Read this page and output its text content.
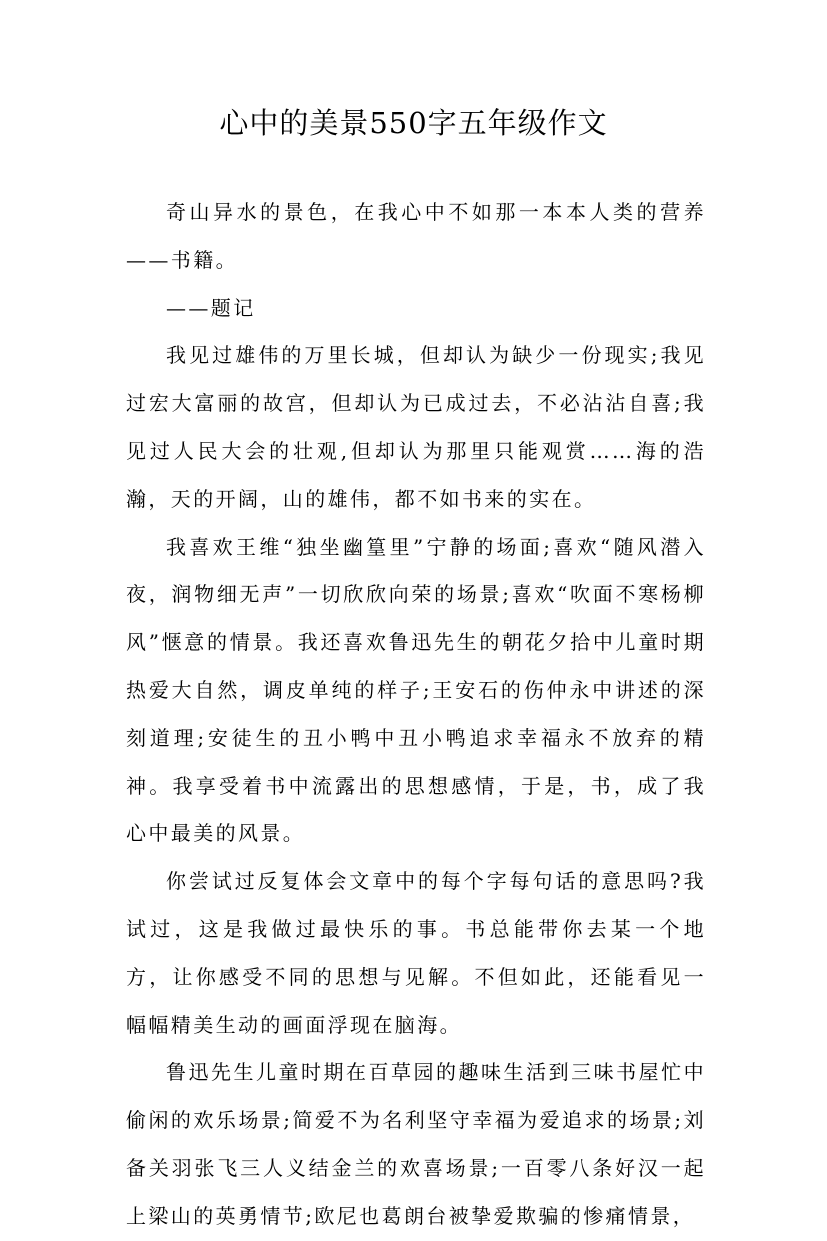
心中的美景550字五年级作文

奇山异水的景色，在我心中不如那一本本人类的营养——书籍。

——题记

我见过雄伟的万里长城，但却认为缺少一份现实;我见过宏大富丽的故宫，但却认为已成过去，不必沾沾自喜;我见过人民大会的壮观,但却认为那里只能观赏……海的浩瀚，天的开阔，山的雄伟，都不如书来的实在。

我喜欢王维“独坐幽篁里”宁静的场面;喜欢“随风潜入夜，润物细无声”一切欣欣向荣的场景;喜欢“吹面不寒杨柳风”惬意的情景。我还喜欢鲁迅先生的朝花夕拾中儿童时期热爱大自然，调皮单纯的样子;王安石的伤仲永中讲述的深刻道理;安徒生的丑小鸭中丑小鸭追求幸福永不放弃的精神。我享受着书中流露出的思想感情，于是，书，成了我心中最美的风景。

你尝试过反复体会文章中的每个字每句话的意思吗?我试过，这是我做过最快乐的事。书总能带你去某一个地方，让你感受不同的思想与见解。不但如此，还能看见一幅幅精美生动的画面浮现在脑海。

鲁迅先生儿童时期在百草园的趣味生活到三味书屋忙中偷闲的欢乐场景;简爱不为名利坚守幸福为爱追求的场景;刘备关羽张飞三人义结金兰的欢喜场景;一百零八条好汉一起上梁山的英勇情节;欧尼也葛朗台被挚爱欺骗的惨痛情景，
